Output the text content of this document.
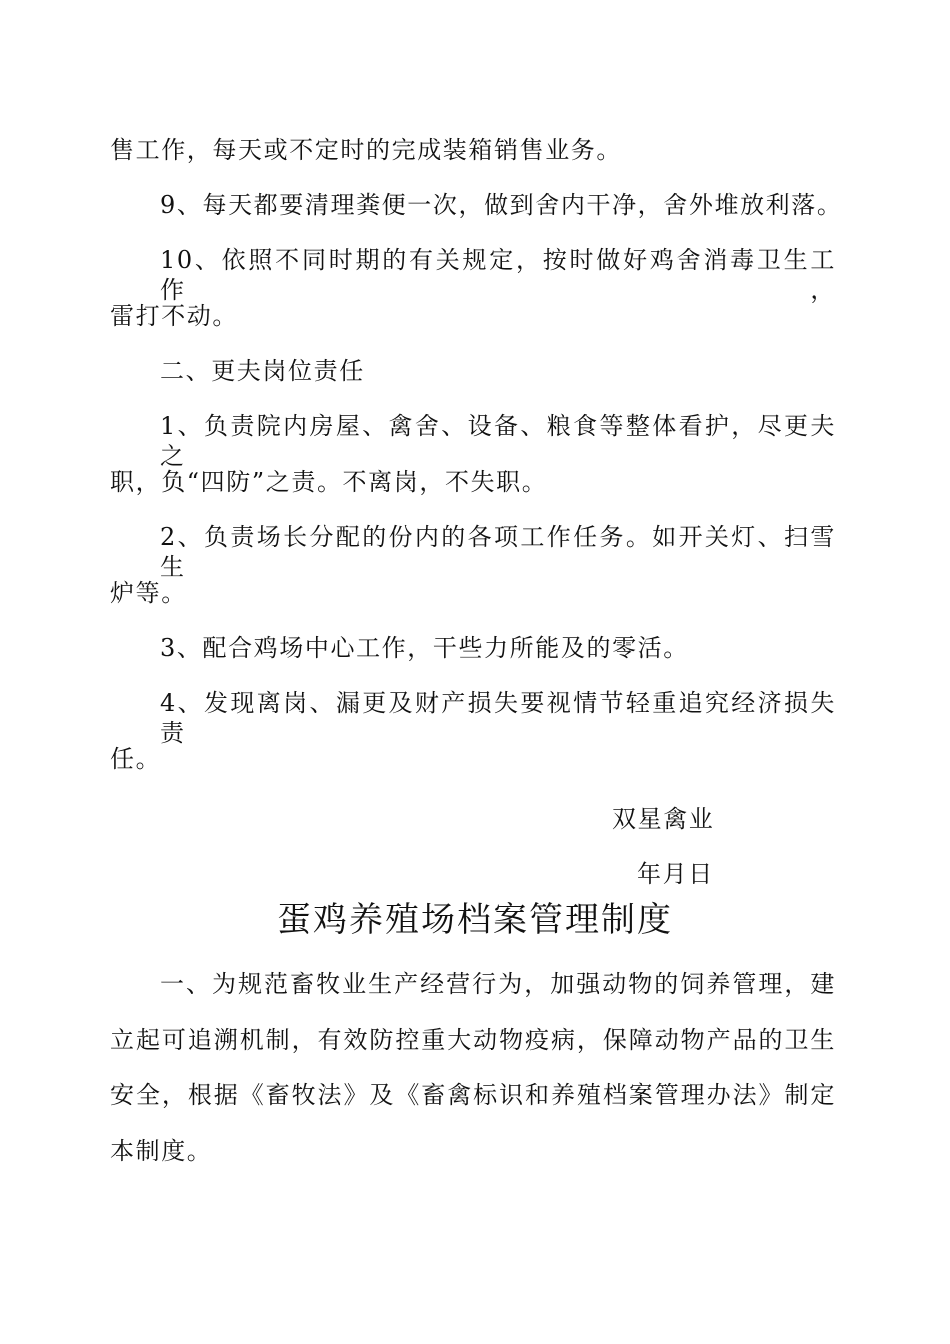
售工作，每天或不定时的完成装箱销售业务。
9、每天都要清理粪便一次，做到舍内干净，舍外堆放利落。
10、依照不同时期的有关规定，按时做好鸡舍消毒卫生工作，
雷打不动。
二、更夫岗位责任
1、负责院内房屋、禽舍、设备、粮食等整体看护，尽更夫之
职，负“四防”之责。不离岗，不失职。
2、负责场长分配的份内的各项工作任务。如开关灯、扫雪生
炉等。
3、配合鸡场中心工作，干些力所能及的零活。
4、发现离岗、漏更及财产损失要视情节轻重追究经济损失责
任。
双星禽业
年月日
蛋鸡养殖场档案管理制度
一、为规范畜牧业生产经营行为，加强动物的饲养管理，建
立起可追溯机制，有效防控重大动物疫病，保障动物产品的卫生
安全，根据《畜牧法》及《畜禽标识和养殖档案管理办法》制定
本制度。
